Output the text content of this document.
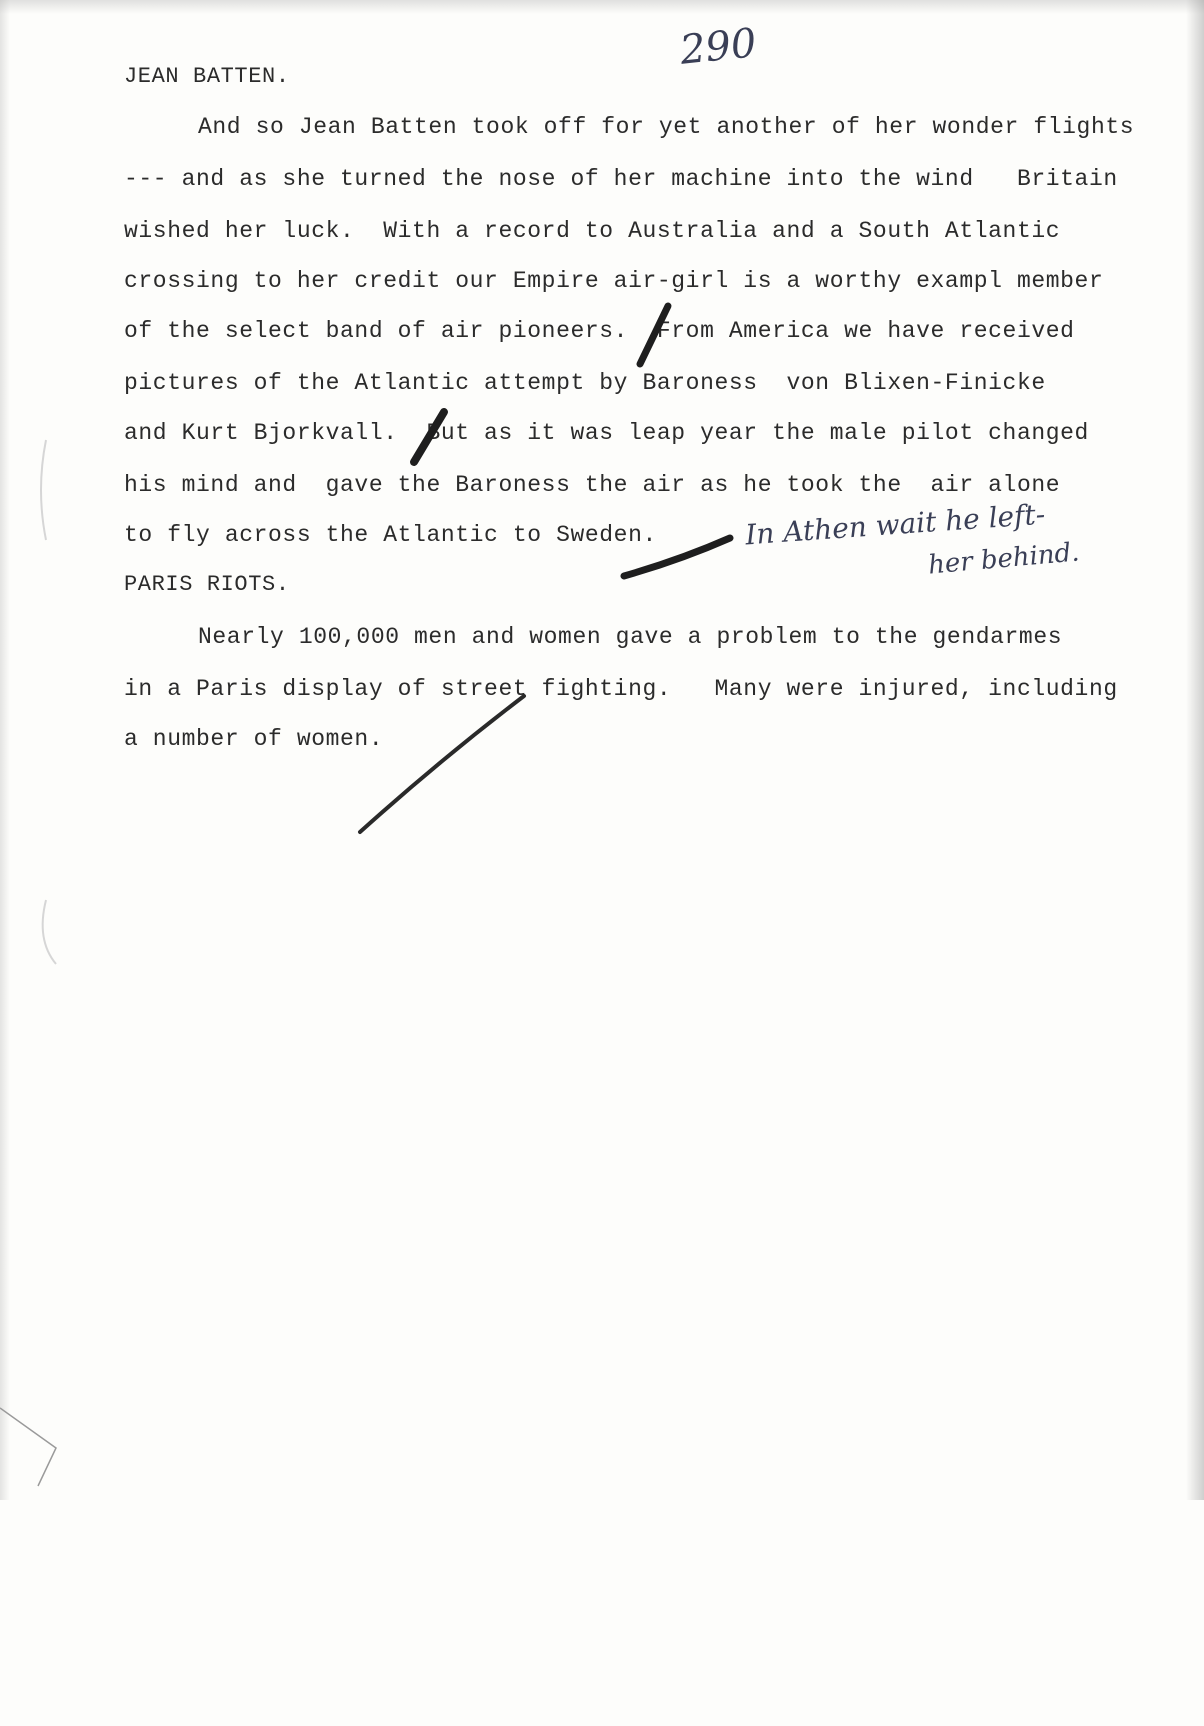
290
JEAN BATTEN.
And so Jean Batten took off for yet another of her wonder flights
--- and as she turned the nose of her machine into the wind   Britain
wished her luck.  With a record to Australia and a South Atlantic
crossing to her credit our Empire air-girl is a worthy exampl member
of the select band of air pioneers.  From America we have received
pictures of the Atlantic attempt by Baroness  von Blixen-Finicke
and Kurt Bjorkvall.  But as it was leap year the male pilot changed
his mind and  gave the Baroness the air as he took the  air alone
to fly across the Atlantic to Sweden.
PARIS RIOTS.
Nearly 100,000 men and women gave a problem to the gendarmes
in a Paris display of street fighting.   Many were injured, including
a number of women.
In Athen wait he left-
her behind.
